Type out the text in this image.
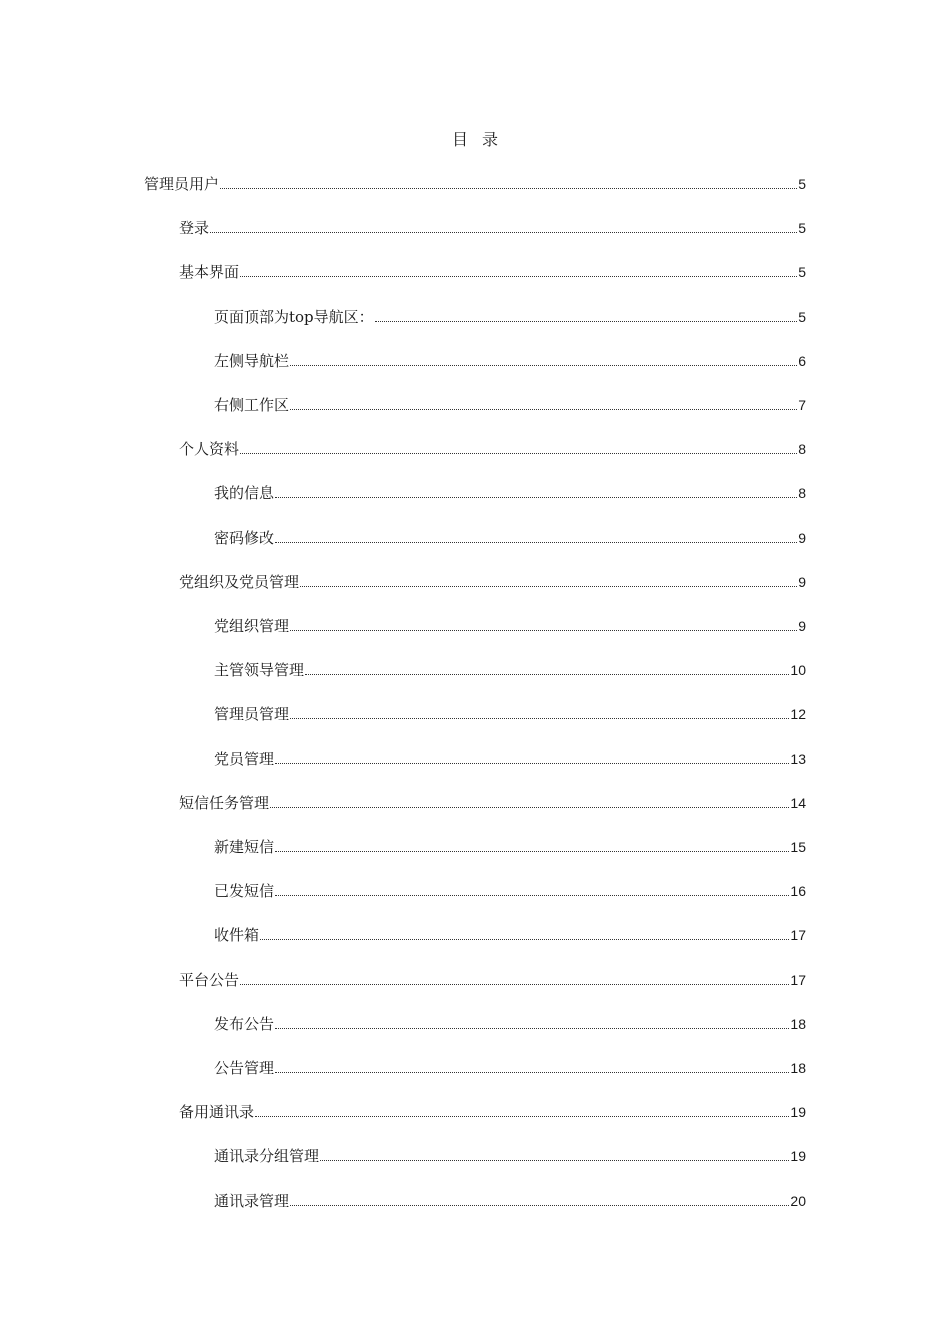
目录
管理员用户	5
登录	5
基本界面	5
页面顶部为top导航区：	5
左侧导航栏	6
右侧工作区	7
个人资料	8
我的信息	8
密码修改	9
党组织及党员管理	9
党组织管理	9
主管领导管理	10
管理员管理	12
党员管理	13
短信任务管理	14
新建短信	15
已发短信	16
收件箱	17
平台公告	17
发布公告	18
公告管理	18
备用通讯录	19
通讯录分组管理	19
通讯录管理	20
